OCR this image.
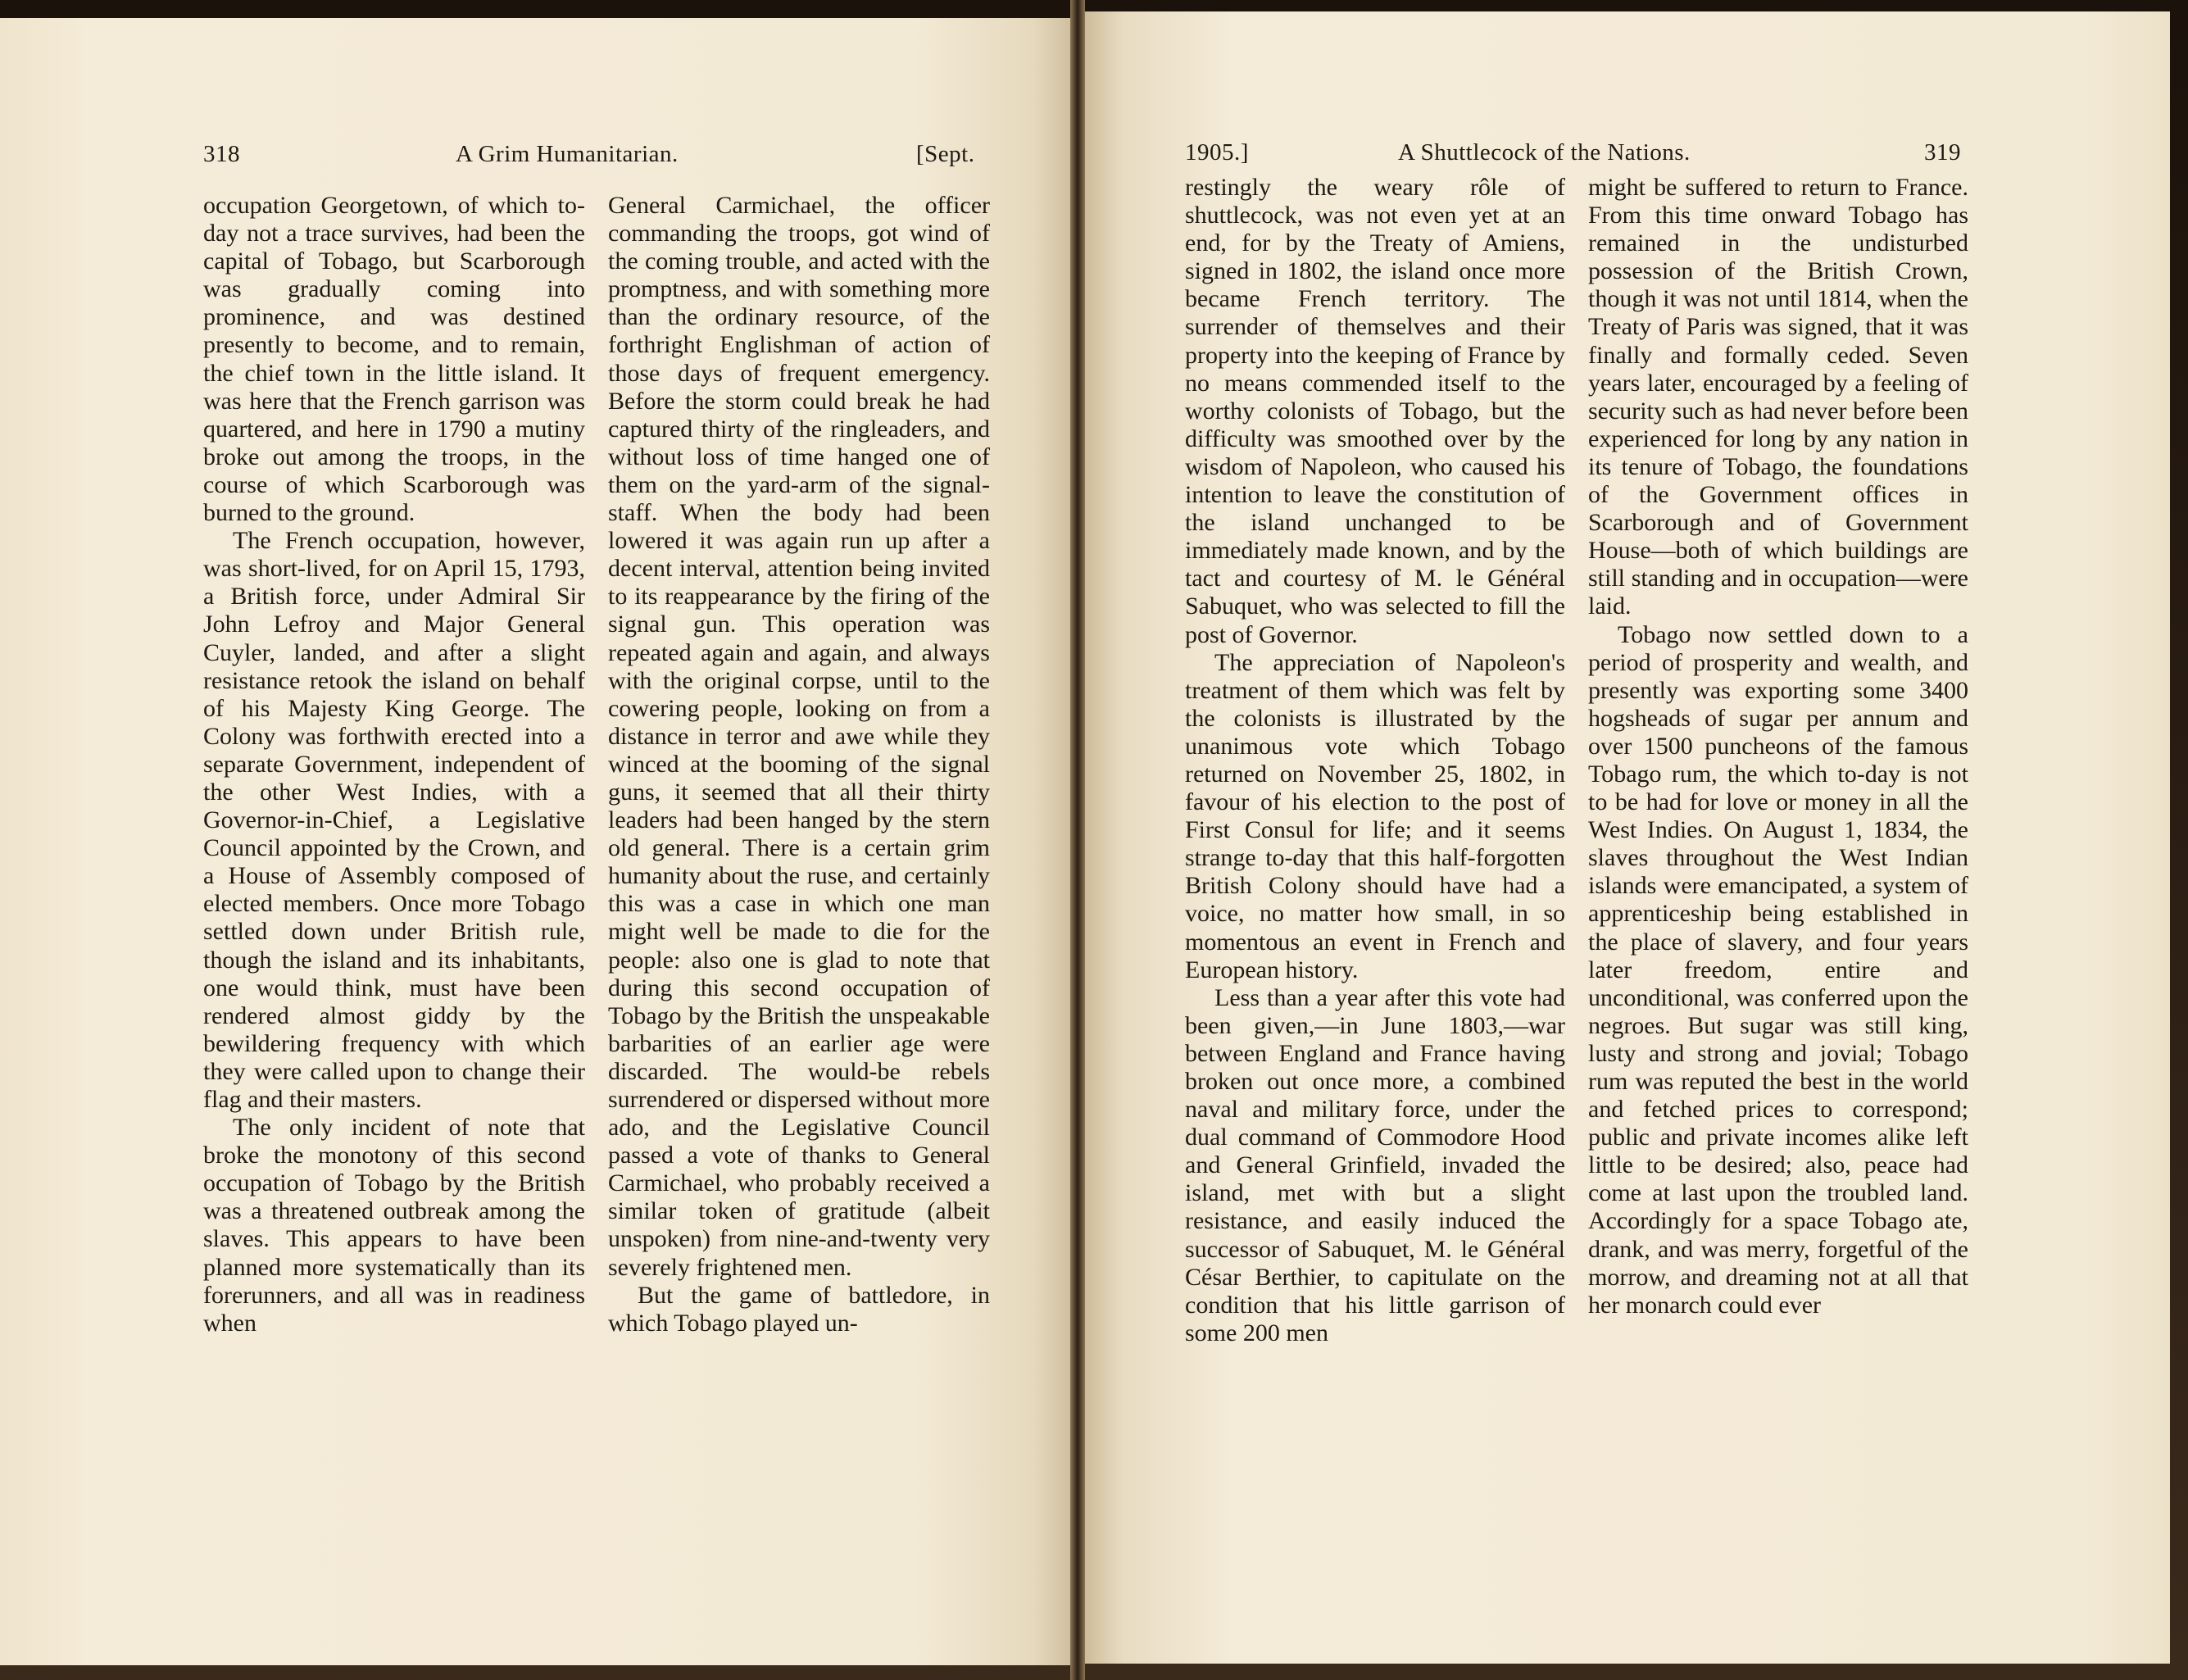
318	A Grim Humanitarian.	[Sept.

occupation Georgetown, of which to-day not a trace survives, had been the capital of Tobago, but Scarborough was gradually coming into prominence, and was destined presently to become, and to remain, the chief town in the little island. It was here that the French garrison was quartered, and here in 1790 a mutiny broke out among the troops, in the course of which Scarborough was burned to the ground.

The French occupation, however, was short-lived, for on April 15, 1793, a British force, under Admiral Sir John Lefroy and Major General Cuyler, landed, and after a slight resistance retook the island on behalf of his Majesty King George. The Colony was forthwith erected into a separate Government, independent of the other West Indies, with a Governor-in-Chief, a Legislative Council appointed by the Crown, and a House of Assembly composed of elected members. Once more Tobago settled down under British rule, though the island and its inhabitants, one would think, must have been rendered almost giddy by the bewildering frequency with which they were called upon to change their flag and their masters.

The only incident of note that broke the monotony of this second occupation of Tobago by the British was a threatened outbreak among the slaves. This appears to have been planned more systematically than its forerunners, and all was in readiness when

General Carmichael, the officer commanding the troops, got wind of the coming trouble, and acted with the promptness, and with something more than the ordinary resource, of the forthright Englishman of action of those days of frequent emergency. Before the storm could break he had captured thirty of the ringleaders, and without loss of time hanged one of them on the yard-arm of the signal-staff. When the body had been lowered it was again run up after a decent interval, attention being invited to its reappearance by the firing of the signal gun. This operation was repeated again and again, and always with the original corpse, until to the cowering people, looking on from a distance in terror and awe while they winced at the booming of the signal guns, it seemed that all their thirty leaders had been hanged by the stern old general. There is a certain grim humanity about the ruse, and certainly this was a case in which one man might well be made to die for the people: also one is glad to note that during this second occupation of Tobago by the British the unspeakable barbarities of an earlier age were discarded. The would-be rebels surrendered or dispersed without more ado, and the Legislative Council passed a vote of thanks to General Carmichael, who probably received a similar token of gratitude (albeit unspoken) from nine-and-twenty very severely frightened men.

But the game of battledore, in which Tobago played un-

1905.]	A Shuttlecock of the Nations.	319

restingly the weary rôle of shuttlecock, was not even yet at an end, for by the Treaty of Amiens, signed in 1802, the island once more became French territory. The surrender of themselves and their property into the keeping of France by no means commended itself to the worthy colonists of Tobago, but the difficulty was smoothed over by the wisdom of Napoleon, who caused his intention to leave the constitution of the island unchanged to be immediately made known, and by the tact and courtesy of M. le Général Sabuquet, who was selected to fill the post of Governor.

The appreciation of Napoleon's treatment of them which was felt by the colonists is illustrated by the unanimous vote which Tobago returned on November 25, 1802, in favour of his election to the post of First Consul for life; and it seems strange to-day that this half-forgotten British Colony should have had a voice, no matter how small, in so momentous an event in French and European history.

Less than a year after this vote had been given,—in June 1803,—war between England and France having broken out once more, a combined naval and military force, under the dual command of Commodore Hood and General Grinfield, invaded the island, met with but a slight resistance, and easily induced the successor of Sabuquet, M. le Général César Berthier, to capitulate on the condition that his little garrison of some 200 men

might be suffered to return to France. From this time onward Tobago has remained in the undisturbed possession of the British Crown, though it was not until 1814, when the Treaty of Paris was signed, that it was finally and formally ceded. Seven years later, encouraged by a feeling of security such as had never before been experienced for long by any nation in its tenure of Tobago, the foundations of the Government offices in Scarborough and of Government House—both of which buildings are still standing and in occupation—were laid.

Tobago now settled down to a period of prosperity and wealth, and presently was exporting some 3400 hogsheads of sugar per annum and over 1500 puncheons of the famous Tobago rum, the which to-day is not to be had for love or money in all the West Indies. On August 1, 1834, the slaves throughout the West Indian islands were emancipated, a system of apprenticeship being established in the place of slavery, and four years later freedom, entire and unconditional, was conferred upon the negroes. But sugar was still king, lusty and strong and jovial; Tobago rum was reputed the best in the world and fetched prices to correspond; public and private incomes alike left little to be desired; also, peace had come at last upon the troubled land. Accordingly for a space Tobago ate, drank, and was merry, forgetful of the morrow, and dreaming not at all that her monarch could ever
